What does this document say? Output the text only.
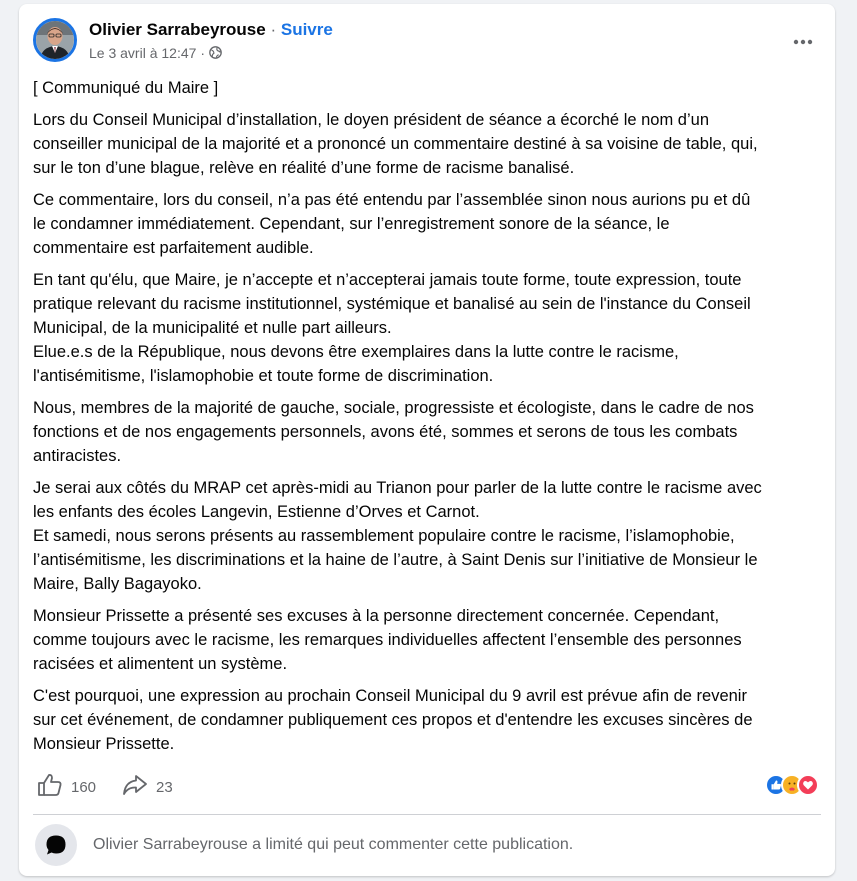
Olivier Sarrabeyrouse · Suivre
Le 3 avril à 12:47 ·

[ Communiqué du Maire ]

Lors du Conseil Municipal d’installation, le doyen président de séance a écorché le nom d’un
conseiller municipal de la majorité et a prononcé un commentaire destiné à sa voisine de table, qui,
sur le ton d’une blague, relève en réalité d’une forme de racisme banalisé.

Ce commentaire, lors du conseil, n’a pas été entendu par l’assemblée sinon nous aurions pu et dû
le condamner immédiatement. Cependant, sur l’enregistrement sonore de la séance, le
commentaire est parfaitement audible.

En tant qu'élu, que Maire, je n’accepte et n’accepterai jamais toute forme, toute expression, toute
pratique relevant du racisme institutionnel, systémique et banalisé au sein de l'instance du Conseil
Municipal, de la municipalité et nulle part ailleurs.
Elue.e.s de la République, nous devons être exemplaires dans la lutte contre le racisme,
l'antisémitisme, l'islamophobie et toute forme de discrimination.

Nous, membres de la majorité de gauche, sociale, progressiste et écologiste, dans le cadre de nos
fonctions et de nos engagements personnels, avons été, sommes et serons de tous les combats
antiracistes.

Je serai aux côtés du MRAP cet après-midi au Trianon pour parler de la lutte contre le racisme avec
les enfants des écoles Langevin, Estienne d’Orves et Carnot.
Et samedi, nous serons présents au rassemblement populaire contre le racisme, l’islamophobie,
l’antisémitisme, les discriminations et la haine de l’autre, à Saint Denis sur l’initiative de Monsieur le
Maire, Bally Bagayoko.

Monsieur Prissette a présenté ses excuses à la personne directement concernée. Cependant,
comme toujours avec le racisme, les remarques individuelles affectent l’ensemble des personnes
racisées et alimentent un système.

C'est pourquoi, une expression au prochain Conseil Municipal du 9 avril est prévue afin de revenir
sur cet événement, de condamner publiquement ces propos et d'entendre les excuses sincères de
Monsieur Prissette.

160	23
Olivier Sarrabeyrouse a limité qui peut commenter cette publication.
